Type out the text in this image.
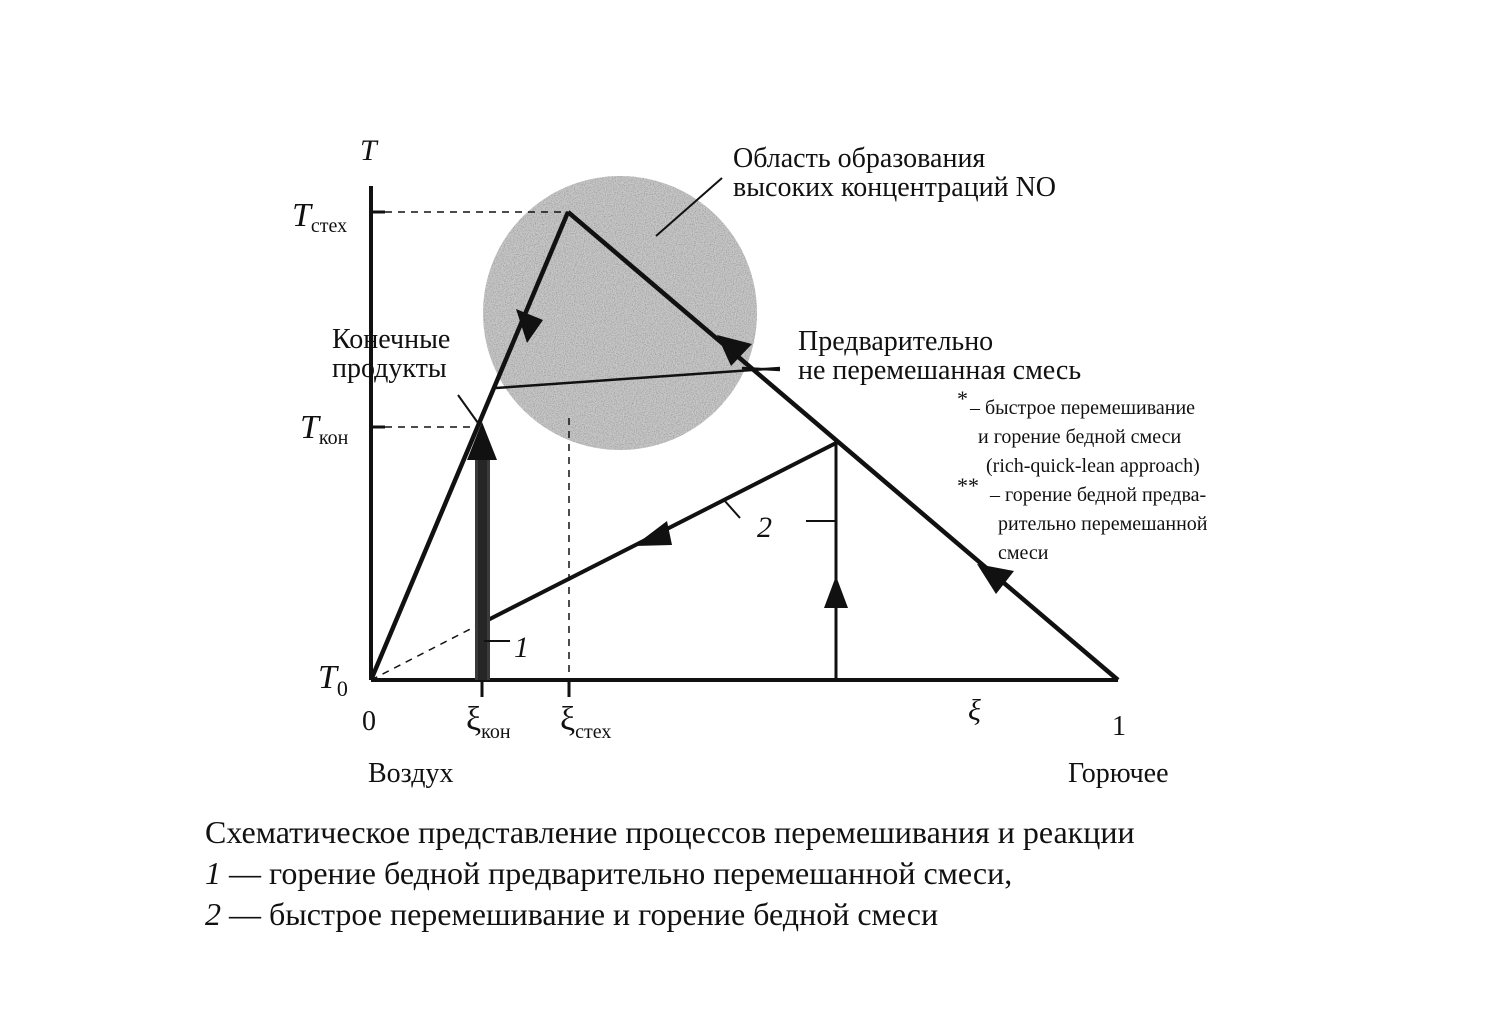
T
Tстех
Tкон
$T_0$
0	1
ξ
$\xi_{кон}$ $\xi_{стех}$
Воздух	Горючее
Область образования
высоких концентраций NO
Конечные
продукты
Предварительно
не перемешанная смесь
1
2
* – быстрое перемешивание
и горение бедной смеси
(rich-quick-lean approach)
** – горение бедной предва-
рительно перемешанной
смеси
Схематическое представление процессов перемешивания и реакции
1 — горение бедной предварительно перемешанной смеси,
2 — быстрое перемешивание и горение бедной смеси
